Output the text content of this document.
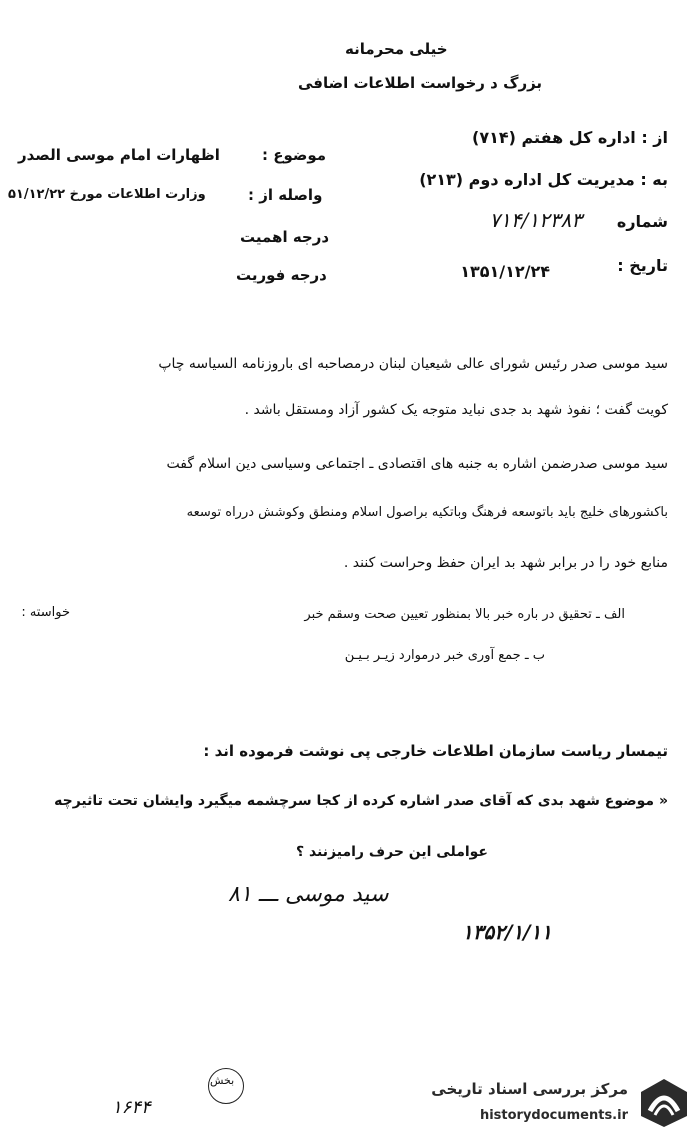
خیلی محرمانه
بزرگ د رخواست اطلاعات اضافی
از : اداره کل هفتم (۷۱۴)
به : مدیریت کل اداره دوم (۲۱۳)
شماره
۷۱۴/۱۲۳۸۳
تاریخ :
۱۳۵۱/۱۲/۲۴
موضوع :
اظهارات امام موسی الصدر
واصله از :
وزارت اطلاعات مورخ ۵۱/۱۲/۲۲
درجه اهمیت
درجه فوریت
سید موسی صدر رئیس شورای عالی شیعیان لبنان درمصاحبه ای باروزنامه السیاسه چاپ
کویت گفت ؛ نفوذ شهد بد جدی نباید متوجه یک کشور آزاد ومستقل باشد .
سید موسی صدرضمن اشاره به جنبه های اقتصادی ـ اجتماعی وسیاسی دین اسلام گفت
باکشورهای خلیج باید باتوسعه فرهنگ وباتکیه براصول اسلام ومنطق وکوشش درراه توسعه
منابع خود را در برابر شهد بد ایران حفظ وحراست کنند .
خواسته :	الف ـ تحقیق در باره خبر بالا بمنظور تعیین صحت وسقم خبر
ب ـ جمع آوری خبر درموارد زیـر بـیـن
تیمسار ریاست سازمان اطلاعات خارجی پی نوشت فرموده اند :
« موضوع شهد بدی که آقای صدر اشاره کرده از کجا سرچشمه میگیرد وایشان تحت تاثیرچه
عواملی این حرف رامیزنند ؟
سید موسی ـــ ۸۱
۱۳۵۲/۱/۱۱
بخش
۱۶۴۴
مرکز بررسی اسناد تاریخی
historydocuments.ir
